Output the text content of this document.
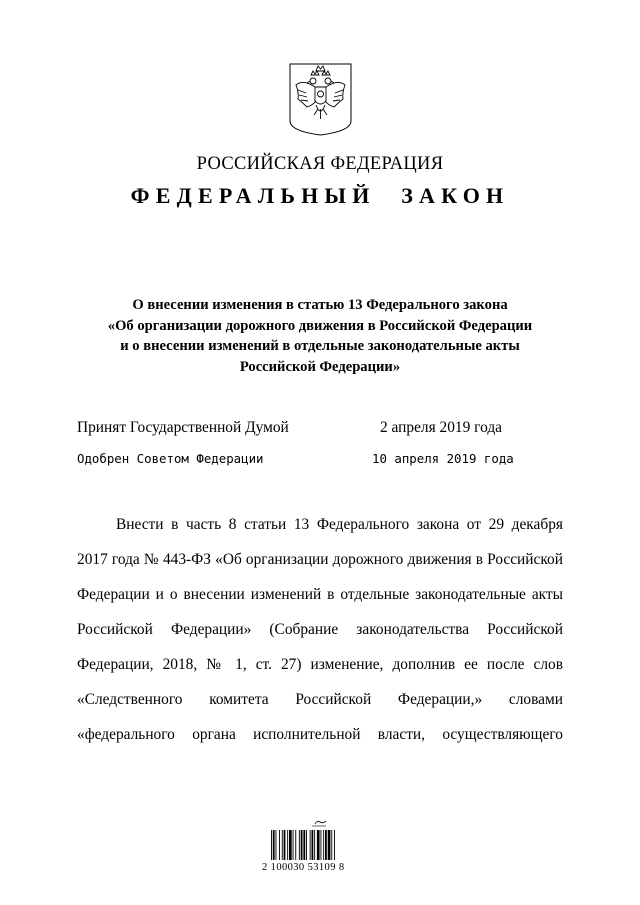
РОССИЙСКАЯ ФЕДЕРАЦИЯ
ФЕДЕРАЛЬНЫЙ ЗАКОН
О внесении изменения в статью 13 Федерального закона
«Об организации дорожного движения в Российской Федерации
и о внесении изменений в отдельные законодательные акты
Российской Федерации»
Принят Государственной Думой	2 апреля 2019 года
Одобрен Советом Федерации	10 апреля 2019 года
Внести в часть 8 статьи 13 Федерального закона от 29 декабря
2017 года № 443-ФЗ «Об организации дорожного движения в Российской
Федерации и о внесении изменений в отдельные законодательные акты
Российской Федерации» (Собрание законодательства Российской
Федерации, 2018, № 1, ст. 27) изменение, дополнив ее после слов
«Следственного комитета Российской Федерации,» словами
«федерального органа исполнительной власти, осуществляющего
2 100030 53109 8
